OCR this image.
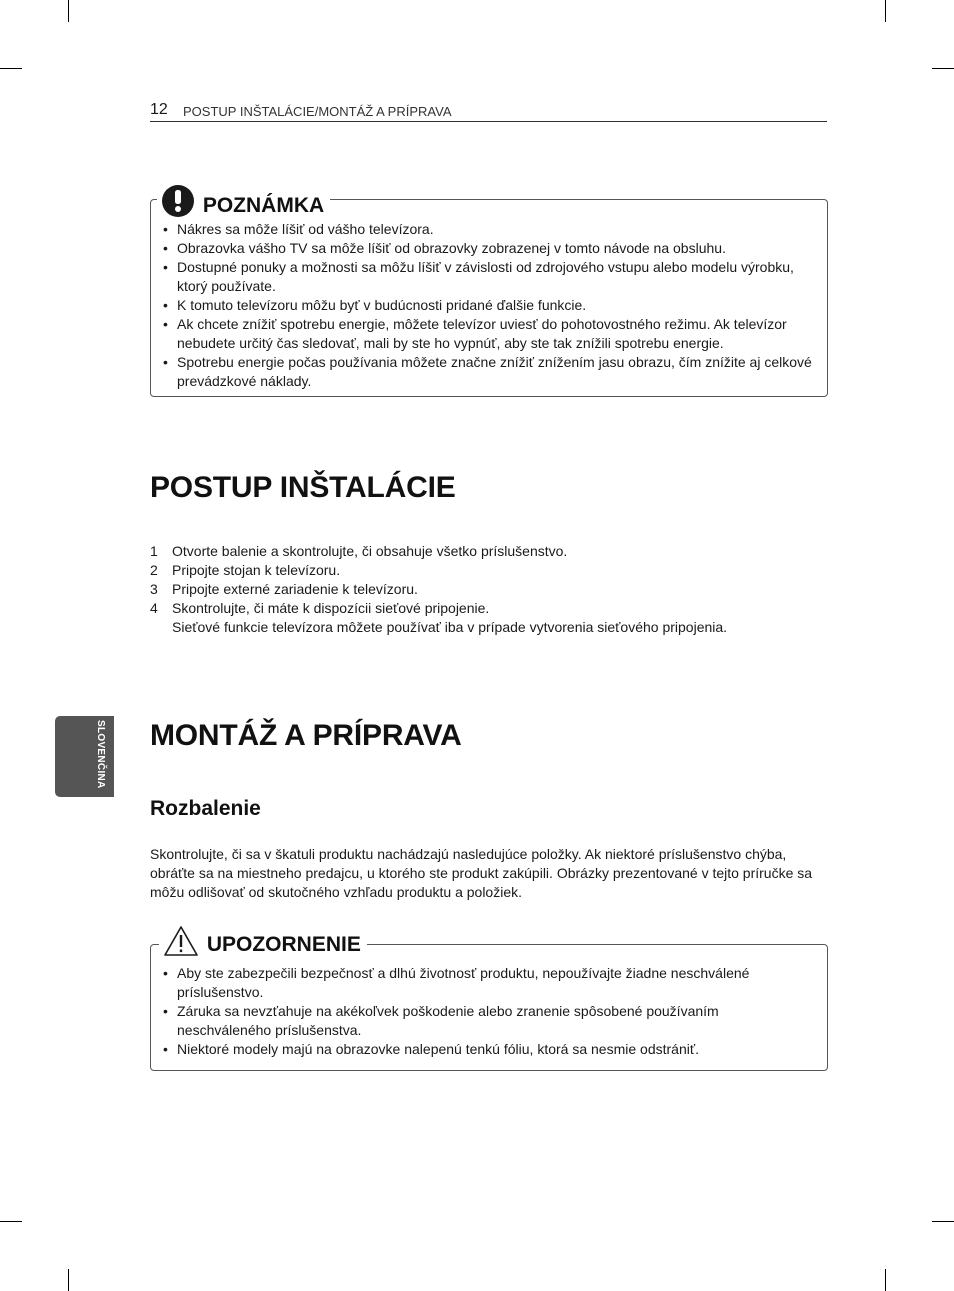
12 POSTUP INŠTALÁCIE/MONTÁŽ A PRÍPRAVA
POZNÁMKA
• Nákres sa môže líšiť od vášho televízora.
• Obrazovka vášho TV sa môže líšiť od obrazovky zobrazenej v tomto návode na obsluhu.
• Dostupné ponuky a možnosti sa môžu líšiť v závislosti od zdrojového vstupu alebo modelu výrobku, ktorý používate.
• K tomuto televízoru môžu byť v budúcnosti pridané ďalšie funkcie.
• Ak chcete znížiť spotrebu energie, môžete televízor uviesť do pohotovostného režimu. Ak televízor nebudete určitý čas sledovať, mali by ste ho vypnúť, aby ste tak znížili spotrebu energie.
• Spotrebu energie počas používania môžete značne znížiť znížením jasu obrazu, čím znížite aj celkové prevádzkové náklady.
POSTUP INŠTALÁCIE
1 Otvorte balenie a skontrolujte, či obsahuje všetko príslušenstvo.
2 Pripojte stojan k televízoru.
3 Pripojte externé zariadenie k televízoru.
4 Skontrolujte, či máte k dispozícii sieťové pripojenie.
Sieťové funkcie televízora môžete používať iba v prípade vytvorenia sieťového pripojenia.
MONTÁŽ A PRÍPRAVA
Rozbalenie

Skontrolujte, či sa v škatuli produktu nachádzajú nasledujúce položky. Ak niektoré príslušenstvo chýba, obráťte sa na miestneho predajcu, u ktorého ste produkt zakúpili. Obrázky prezentované v tejto príručke sa môžu odlišovať od skutočného vzhľadu produktu a položiek.

UPOZORNENIE
• Aby ste zabezpečili bezpečnosť a dlhú životnosť produktu, nepoužívajte žiadne neschválené príslušenstvo.
• Záruka sa nevzťahuje na akékoľvek poškodenie alebo zranenie spôsobené používaním neschváleného príslušenstva.
• Niektoré modely majú na obrazovke nalepenú tenkú fóliu, ktorá sa nesmie odstrániť.
SLOVENČINA
